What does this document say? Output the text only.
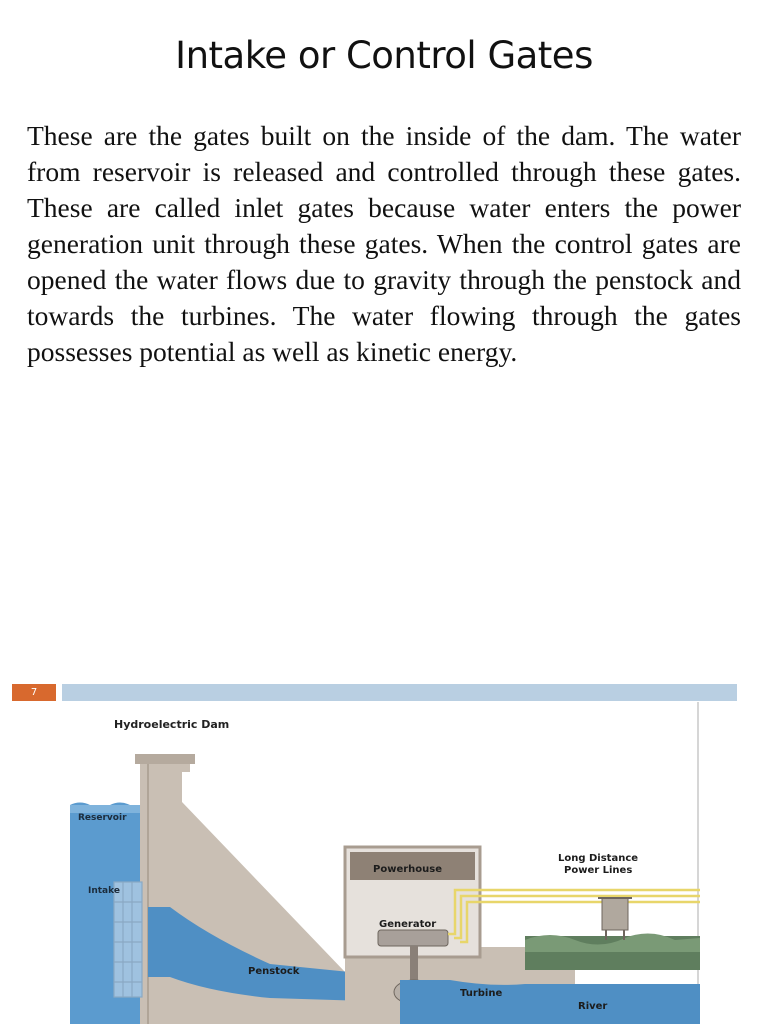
Intake or Control Gates

These are the gates built on the inside of the dam. The water from reservoir is released and controlled through these gates. These are called inlet gates because water enters the power generation unit through these gates. When the control gates are opened the water flows due to gravity through the penstock and towards the turbines. The water flowing through the gates possesses potential as well as kinetic energy.

7
Hydroelectric Dam
Reservoir
Intake
Powerhouse
Generator
Penstock
Turbine
Long Distance
Power Lines
River
